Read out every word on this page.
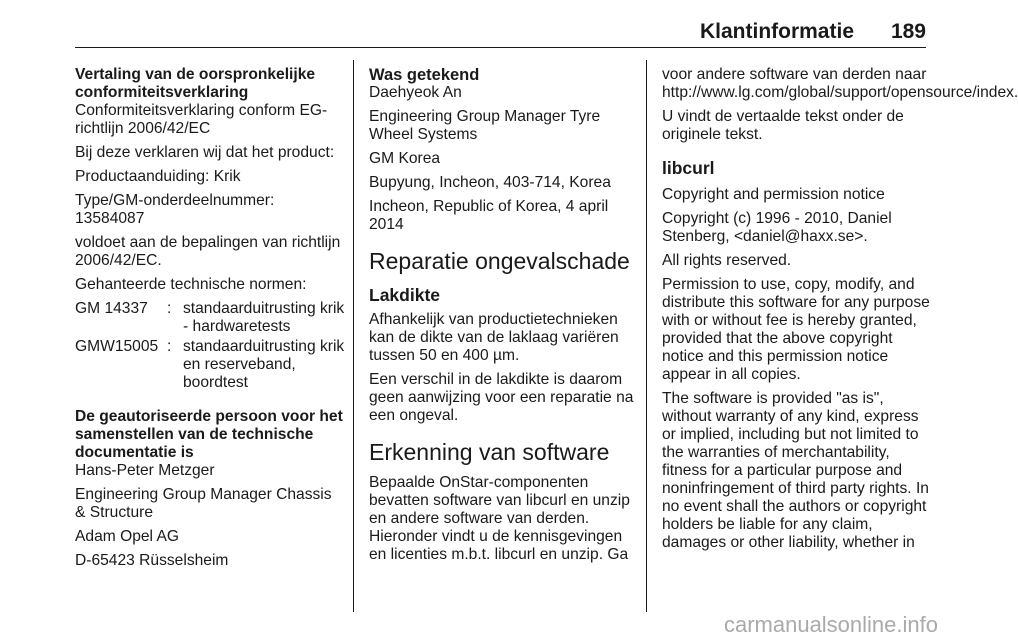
Klantinformatie 189

Vertaling van de oorspronkelijke conformiteitsverklaring

Conformiteitsverklaring conform EG-richtlijn 2006/42/EC

Bij deze verklaren wij dat het product:

Productaanduiding: Krik

Type/GM-onderdeelnummer: 13584087

voldoet aan de bepalingen van richtlijn 2006/42/EC.

Gehanteerde technische normen:

GM 14337	:	standaarduitrusting krik - hardwaretests
GMW15005	:	standaarduitrusting krik en reserveband, boordtest

De geautoriseerde persoon voor het samenstellen van de technische documentatie is

Hans-Peter Metzger

Engineering Group Manager Chassis & Structure

Adam Opel AG

D-65423 Rüsselsheim

Was getekend

Daehyeok An

Engineering Group Manager Tyre Wheel Systems

GM Korea

Bupyung, Incheon, 403-714, Korea

Incheon, Republic of Korea, 4 april 2014

Reparatie ongevalschade

Lakdikte

Afhankelijk van productietechnieken kan de dikte van de laklaag variëren tussen 50 en 400 µm.

Een verschil in de lakdikte is daarom geen aanwijzing voor een reparatie na een ongeval.

Erkenning van software

Bepaalde OnStar-componenten bevatten software van libcurl en unzip en andere software van derden. Hieronder vindt u de kennisgevingen en licenties m.b.t. libcurl en unzip. Ga

voor andere software van derden naar http://www.lg.com/global/support/opensource/index.

U vindt de vertaalde tekst onder de originele tekst.

libcurl

Copyright and permission notice

Copyright (c) 1996 - 2010, Daniel Stenberg, <daniel@haxx.se>.

All rights reserved.

Permission to use, copy, modify, and distribute this software for any purpose with or without fee is hereby granted, provided that the above copyright notice and this permission notice appear in all copies.

The software is provided "as is", without warranty of any kind, express or implied, including but not limited to the warranties of merchantability, fitness for a particular purpose and noninfringement of third party rights. In no event shall the authors or copyright holders be liable for any claim, damages or other liability, whether in

carmanualsonline.info
